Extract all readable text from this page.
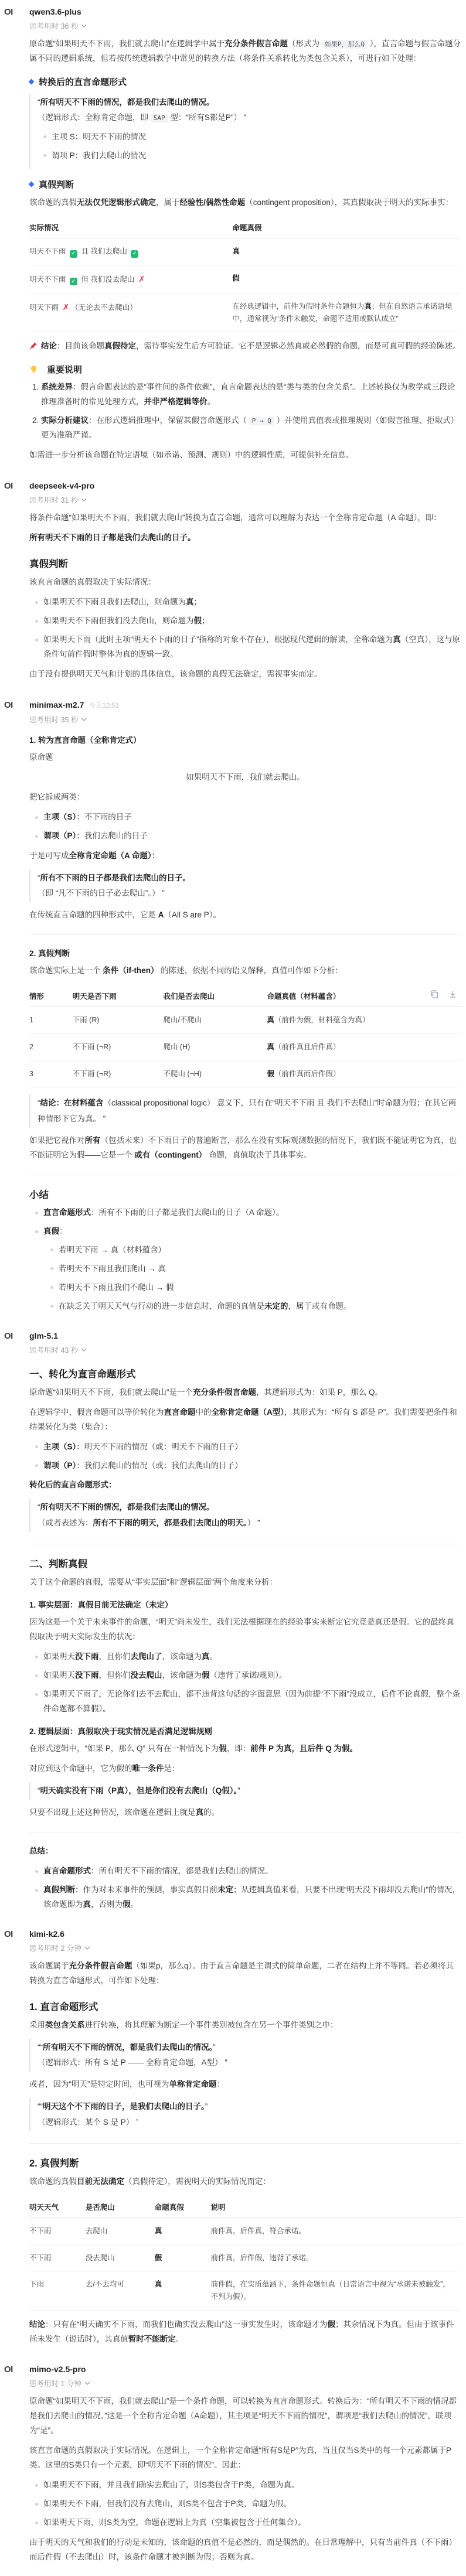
OI qwen3.6-plus
思考用时 36 秒

原命题“如果明天不下雨，我们就去爬山”在逻辑学中属于充分条件假言命题（形式为 如果P，那么Q ），直言命题与假言命题分属不同的逻辑系统，但若按传统逻辑教学中常见的转换方法（将条件关系转化为类包含关系），可进行如下处理：

转换后的直言命题形式
“所有明天不下雨的情况，都是我们去爬山的情况。
（逻辑形式：全称肯定命题，即 SAP 型：“所有S都是P”） ”
主项 S：明天不下雨的情况
谓项 P：我们去爬山的情况
真假判断

该命题的真假无法仅凭逻辑形式确定，属于经验性/偶然性命题（contingent proposition），其真假取决于明天的实际事实：

实际情况	命题真假
明天不下雨 ✓ 且 我们去爬山 ✓	真
明天不下雨 ✓ 但 我们没去爬山 ✗	假
明天下雨 ✗ （无论去不去爬山）	在经典逻辑中，前件为假时条件命题恒为真；但在自然语言承诺语境中，通常视为“条件未触发，命题不适用或默认成立”

结论：目前该命题真假待定，需待事实发生后方可验证。它不是逻辑必然真或必然假的命题，而是可真可假的经验陈述。

重要说明
1. 系统差异：假言命题表达的是“事件间的条件依赖”，直言命题表达的是“类与类的包含关系”。上述转换仅为教学或三段论推理准备时的常见处理方式，并非严格逻辑等价。
2. 实际分析建议：在形式逻辑推理中，保留其假言命题形式（ P → Q ）并使用真值表或推理规则（如假言推理、拒取式）更为准确严谨。

如需进一步分析该命题在特定语境（如承诺、预测、规则）中的逻辑性质，可提供补充信息。

OI deepseek-v4-pro
思考用时 31 秒

将条件命题“如果明天不下雨，我们就去爬山”转换为直言命题，通常可以理解为表达一个全称肯定命题（A 命题），即：

所有明天不下雨的日子都是我们去爬山的日子。

真假判断

该直言命题的真假取决于实际情况：

如果明天不下雨且我们去爬山，则命题为真；
如果明天不下雨但我们没去爬山，则命题为假；
如果明天下雨（此时主项“明天不下雨的日子”指称的对象不存在），根据现代逻辑的解读，全称命题为真（空真），这与原条件句前件假时整体为真的逻辑一致。

由于没有提供明天天气和计划的具体信息，该命题的真假无法确定，需视事实而定。

OI minimax-m2.7 今天12:51
思考用时 35 秒
1. 转为直言命题（全称肯定式）

原命题

如果明天不下雨，我们就去爬山。

把它拆成两类：

主项（S）：不下雨的日子
谓项（P）：我们去爬山的日子

于是可写成全称肯定命题（A 命题）：

“所有不下雨的日子都是我们去爬山的日子。
（即 “凡不下雨的日子必去爬山”。） ”

在传统直言命题的四种形式中，它是 A（All S are P）。

2. 真假判断

该命题实际上是一个 条件（if-then） 的陈述，依据不同的语义解释，真值可作如下分析：

情形	明天是否下雨	我们是否去爬山	命题真值（材料蕴含）
1	下雨 (R)	爬山/不爬山	真（前件为假，材料蕴含为真）
2	不下雨 (¬R)	爬山 (H)	真（前件真且后件真）
3	不下雨 (¬R)	不爬山 (¬H)	假（前件真而后件假）
“结论：在材料蕴含（classical propositional logic） 意义下，只有在“明天不下雨 且 我们不去爬山”时命题为假；在其它两种情形下它为真。 ”

如果把它视作对所有（包括未来）不下雨日子的普遍断言，那么在没有实际观测数据的情况下，我们既不能证明它为真，也不能证明它为假——它是一个 或有（contingent） 命题，真值取决于具体事实。

小结
直言命题形式：所有不下雨的日子都是我们去爬山的日子（A 命题）。
真假：
若明天下雨 → 真（材料蕴含）
若明天不下雨且我们爬山 → 真
若明天不下雨且我们不爬山 → 假
在缺乏关于明天天气与行动的进一步信息时，命题的真值是未定的，属于或有命题。
OI glm-5.1
思考用时 43 秒
一、转化为直言命题形式

原命题“如果明天不下雨，我们就去爬山”是一个充分条件假言命题，其逻辑形式为：如果 P，那么 Q。

在逻辑学中，假言命题可以等价转化为直言命题中的全称肯定命题（A型），其形式为：“所有 S 都是 P”。我们需要把条件和结果转化为类（集合）：

主项（S）：明天不下雨的情况（或：明天不下雨的日子）
谓项（P）：我们去爬山的情况（或：我们去爬山的日子）

转化后的直言命题形式：

“所有明天不下雨的情况，都是我们去爬山的情况。
（或者表述为：所有不下雨的明天，都是我们去爬山的明天。） ”
二、判断真假

关于这个命题的真假，需要从“事实层面”和“逻辑层面”两个角度来分析：

1. 事实层面：真假目前无法确定（未定）

因为这是一个关于未来事件的命题，“明天”尚未发生，我们无法根据现在的经验事实来断定它究竟是真还是假。它的最终真假取决于明天实际发生的状况：

如果明天没下雨，且你们去爬山了，该命题为真。
如果明天没下雨，但你们没去爬山，该命题为假（违背了承诺/规则）。
如果明天下雨了，无论你们去不去爬山，都不违背这句话的字面意思（因为前提“不下雨”没成立，后件不论真假，整个条件命题都不算假）。
2. 逻辑层面：真假取决于现实情况是否满足逻辑规则

在形式逻辑中，“如果 P，那么 Q” 只有在一种情况下为假，即：前件 P 为真，且后件 Q 为假。

对应到这个命题中，它为假的唯一条件是：

“明天确实没有下雨（P真），但是你们没有去爬山（Q假）。”

只要不出现上述这种情况，该命题在逻辑上就是真的。

总结：

直言命题形式：所有明天不下雨的情况，都是我们去爬山的情况。
真假判断：作为对未来事件的预测，事实真假目前未定；从逻辑真值来看，只要不出现“明天没下雨却没去爬山”的情况，该命题即为真，否则为假。
OI kimi-k2.6
思考用时 2 分钟

该命题属于充分条件假言命题（如果p，那么q）。由于直言命题是主谓式的简单命题，二者在结构上并不等同。若必须将其转换为直言命题形式，可作如下处理：

1. 直言命题形式

采用类包含关系进行转换，将其理解为断定一个事件类别被包含在另一个事件类别之中：

““所有明天不下雨的情况，都是我们去爬山的情况。”
（逻辑形式：所有 S 是 P —— 全称肯定命题，A型） ”

或者，因为“明天”是特定时间，也可视为单称肯定命题：

““明天这个不下雨的日子，是我们去爬山的日子。”
（逻辑形式：某个 S 是 P） ”
2. 真假判断

该命题的真假目前无法确定（真假待定），需视明天的实际情况而定：

明天天气	是否爬山	命题真假	说明
不下雨	去爬山	真	前件真，后件真，符合承诺。
不下雨	没去爬山	假	前件真，后件假，违背了承诺。
下雨	去/不去均可	真	前件假，在实质蕴涵下，条件命题恒真（日常语言中视为“承诺未被触发”，不判为假）。

结论：只有在“明天确实不下雨，而我们也确实没去爬山”这一事实发生时，该命题才为假；其余情况下为真。但由于该事件尚未发生（说话时），其真值暂时不能断定。

OI mimo-v2.5-pro
思考用时 1 分钟

原命题“如果明天不下雨，我们就去爬山”是一个条件命题，可以转换为直言命题形式。转换后为：“所有明天不下雨的情况都是我们去爬山的情况。”这是一个全称肯定命题（A命题），其主项是“明天不下雨的情况”，谓项是“我们去爬山的情况”，联项为“是”。

该直言命题的真假取决于实际情况。在逻辑上，一个全称肯定命题“所有S是P”为真，当且仅当S类中的每一个元素都属于P类。这里的S类只有一个元素，即“明天不下雨的情况”。因此：

如果明天不下雨，并且我们确实去爬山了，则S类包含于P类，命题为真。
如果明天不下雨，但我们没有去爬山，则S类不包含于P类，命题为假。
如果明天下雨，则S类为空，命题在逻辑上为真（空集被包含于任何集合）。

由于明天的天气和我们的行动是未知的，该命题的真值不是必然的，而是偶然的。在日常理解中，只有当前件真（不下雨）而后件假（不去爬山）时，该条件命题才被判断为假；否则为真。
